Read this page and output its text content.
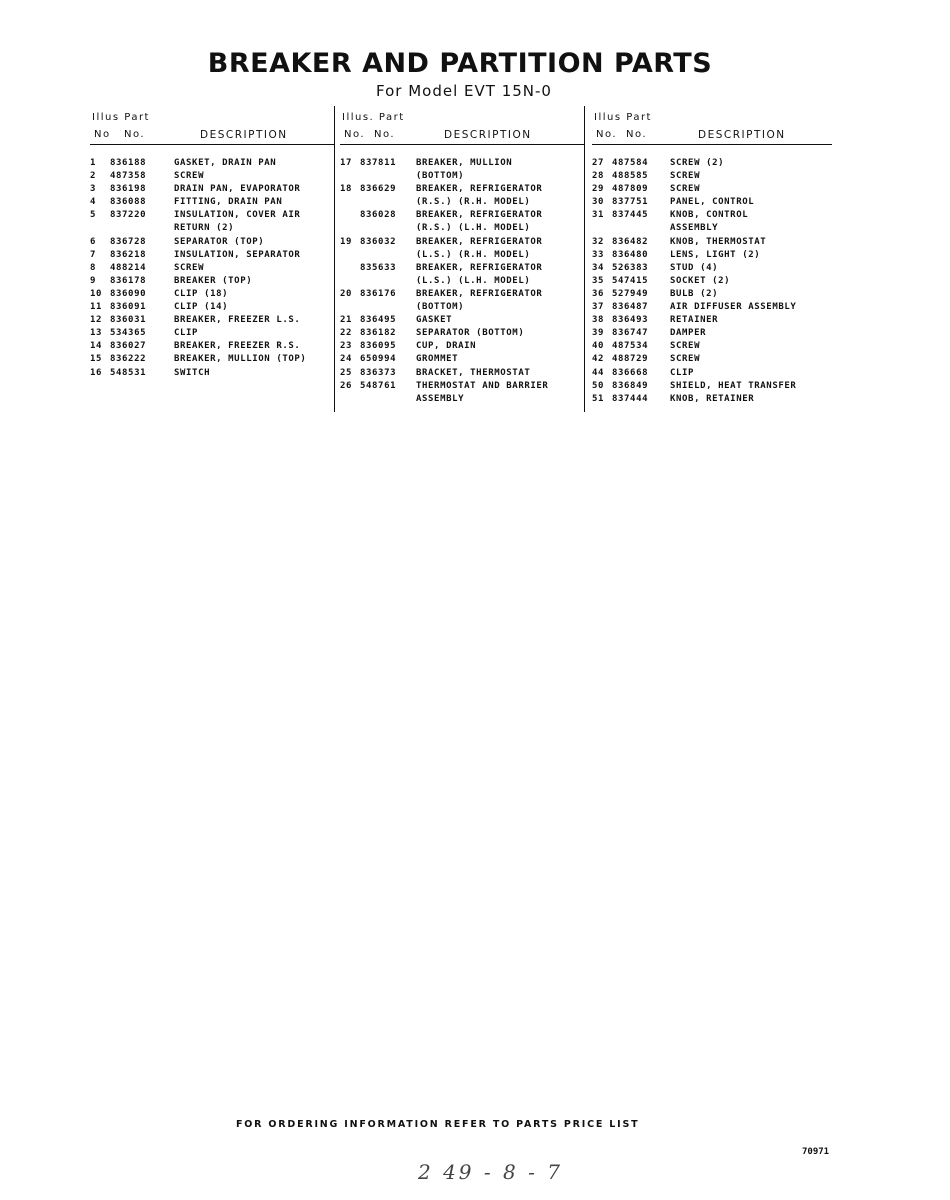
BREAKER AND PARTITION PARTS
For Model EVT 15N-0
Illus Part
No No.	DESCRIPTION
1	836188	GASKET, DRAIN PAN
2	487358	SCREW
3	836198	DRAIN PAN, EVAPORATOR
4	836088	FITTING, DRAIN PAN
5	837220	INSULATION, COVER AIR
RETURN (2)
6	836728	SEPARATOR (TOP)
7	836218	INSULATION, SEPARATOR
8	488214	SCREW
9	836178	BREAKER (TOP)
10 836090	CLIP (18)
11 836091	CLIP (14)
12 836031	BREAKER, FREEZER L.S.
13 534365	CLIP
14 836027	BREAKER, FREEZER R.S.
15 836222	BREAKER, MULLION (TOP)
16 548531	SWITCH
Illus. Part
No. No.	DESCRIPTION
17 837811	BREAKER, MULLION
(BOTTOM)
18 836629	BREAKER, REFRIGERATOR
(R.S.) (R.H. MODEL)
836028	BREAKER, REFRIGERATOR
(R.S.) (L.H. MODEL)
19 836032	BREAKER, REFRIGERATOR
(L.S.) (R.H. MODEL)
835633	BREAKER, REFRIGERATOR
(L.S.) (L.H. MODEL)
20 836176	BREAKER, REFRIGERATOR
(BOTTOM)
21 836495	GASKET
22 836182	SEPARATOR (BOTTOM)
23 836095	CUP, DRAIN
24 650994	GROMMET
25 836373	BRACKET, THERMOSTAT
26 548761	THERMOSTAT AND BARRIER
ASSEMBLY
Illus Part
No. No.	DESCRIPTION
27 487584	SCREW (2)
28 488585	SCREW
29 487809	SCREW
30 837751	PANEL, CONTROL
31 837445	KNOB, CONTROL
ASSEMBLY
32 836482	KNOB, THERMOSTAT
33 836480	LENS, LIGHT (2)
34 526383	STUD (4)
35 547415	SOCKET (2)
36 527949	BULB (2)
37 836487	AIR DIFFUSER ASSEMBLY
38 836493	RETAINER
39 836747	DAMPER
40 487534	SCREW
42 488729	SCREW
44 836668	CLIP
50 836849	SHIELD, HEAT TRANSFER
51 837444	KNOB, RETAINER
FOR ORDERING INFORMATION REFER TO PARTS PRICE LIST
70971
2 49 - 8 - 7
